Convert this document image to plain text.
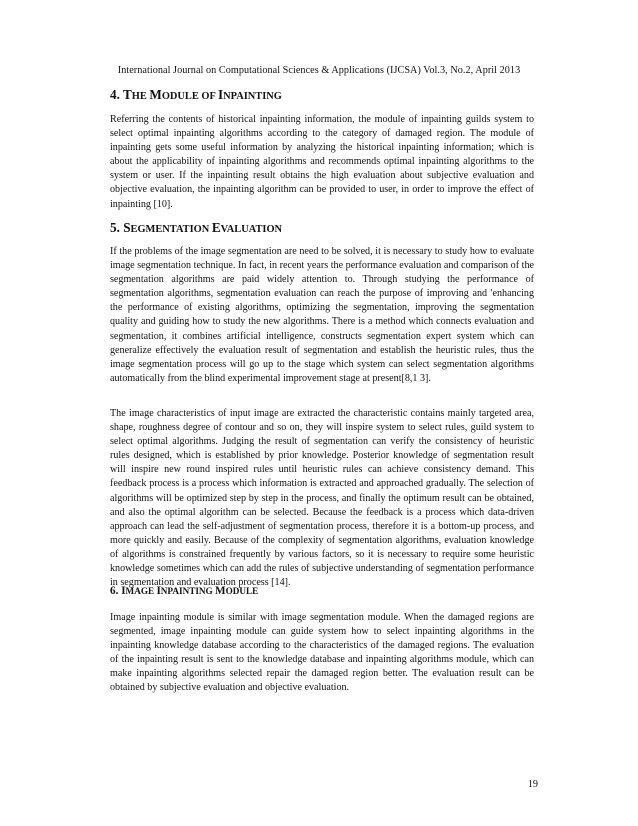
International Journal on Computational Sciences & Applications (IJCSA) Vol.3, No.2, April 2013
4. THE MODULE OF INPAINTING

Referring the contents of historical inpainting information, the module of inpainting guilds system to select optimal inpainting algorithms according to the category of damaged region. The module of inpainting gets some useful information by analyzing the historical inpainting information; which is about the applicability of inpainting algorithms and recommends optimal inpainting algorithms to the system or user. If the inpainting result obtains the high evaluation about subjective evaluation and objective evaluation, the inpainting algorithm can be provided to user, in order to improve the effect of inpainting [10].

5. SEGMENTATION EVALUATION

If the problems of the image segmentation are need to be solved, it is necessary to study how to evaluate image segmentation technique. In fact, in recent years the performance evaluation and comparison of the segmentation algorithms are paid widely attention to. Through studying the performance of segmentation algorithms, segmentation evaluation can reach the purpose of improving and 'enhancing the performance of existing algorithms, optimizing the segmentation, improving the segmentation quality and guiding how to study the new algorithms. There is a method which connects evaluation and segmentation, it combines artificial intelligence, constructs segmentation expert system which can generalize effectively the evaluation result of segmentation and establish the heuristic rules, thus the image segmentation process will go up to the stage which system can select segmentation algorithms automatically from the blind experimental improvement stage at present[8,1 3].

The image characteristics of input image are extracted the characteristic contains mainly targeted area, shape, roughness degree of contour and so on, they will inspire system to select rules, guild system to select optimal algorithms. Judging the result of segmentation can verify the consistency of heuristic rules designed, which is established by prior knowledge. Posterior knowledge of segmentation result will inspire new round inspired rules until heuristic rules can achieve consistency demand. This feedback process is a process which information is extracted and approached gradually. The selection of algorithms will be optimized step by step in the process, and finally the optimum result can be obtained, and also the optimal algorithm can be selected. Because the feedback is a process which data-driven approach can lead the self-adjustment of segmentation process, therefore it is a bottom-up process, and more quickly and easily. Because of the complexity of segmentation algorithms, evaluation knowledge of algorithms is constrained frequently by various factors, so it is necessary to require some heuristic knowledge sometimes which can add the rules of subjective understanding of segmentation performance in segmentation and evaluation process [14].

6. IMAGE INPAINTING MODULE

Image inpainting module is similar with image segmentation module. When the damaged regions are segmented, image inpainting module can guide system how to select inpainting algorithms in the inpainting knowledge database according to the characteristics of the damaged regions. The evaluation of the inpainting result is sent to the knowledge database and inpainting algorithms module, which can make inpainting algorithms selected repair the damaged region better. The evaluation result can be obtained by subjective evaluation and objective evaluation.

19
